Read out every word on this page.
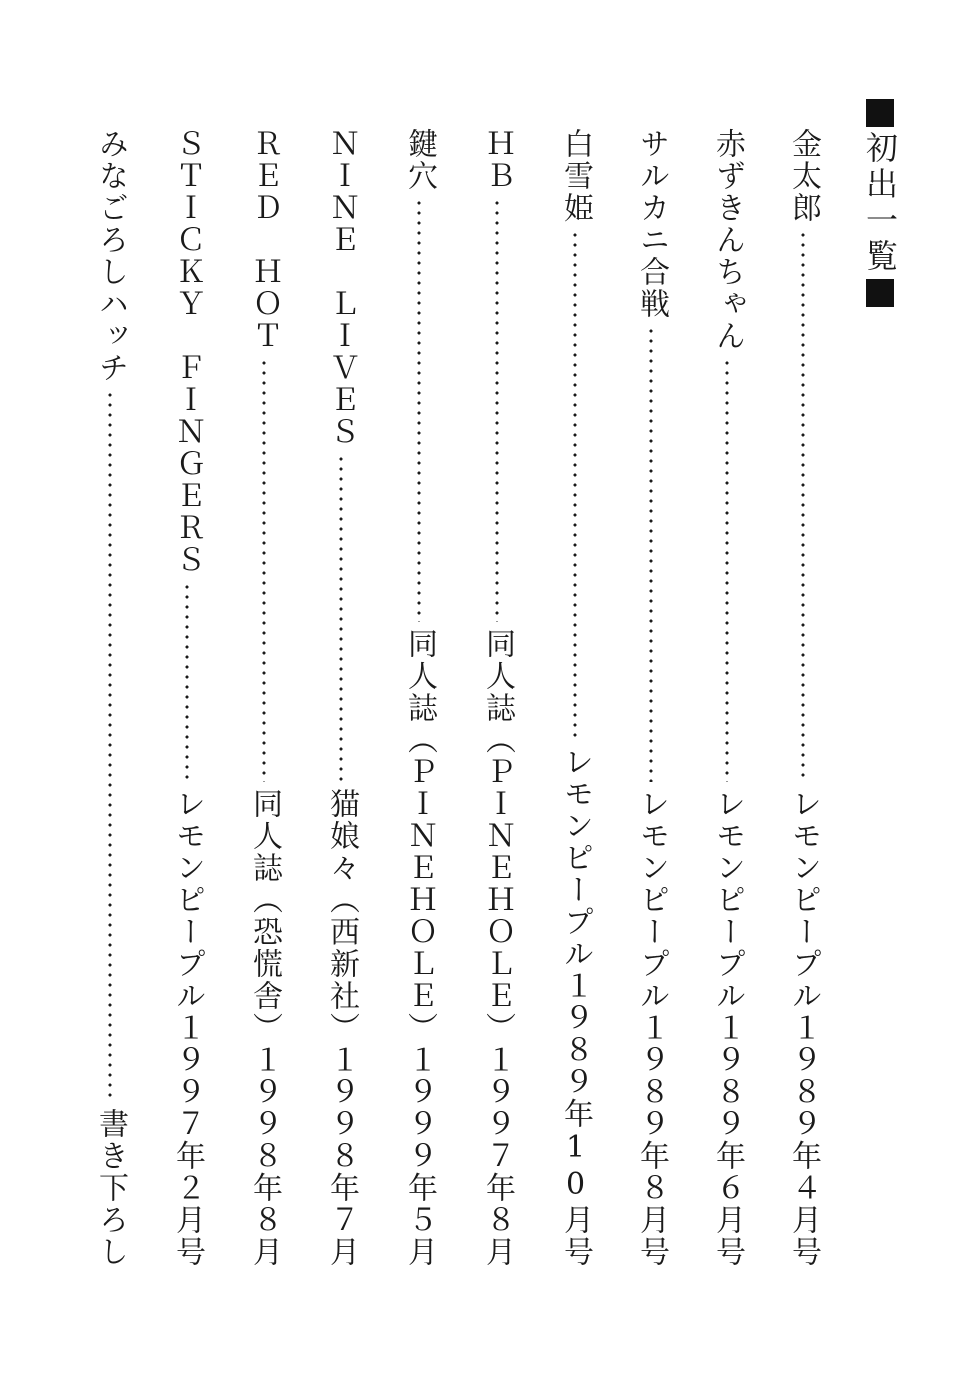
初出一覧
金太郎
レモンピープル１９８９年４月号
赤ずきんちゃん
レモンピープル１９８９年６月号
サルカニ合戦
レモンピープル１９８９年８月号
白雪姫
レモンピープル１９８９年10月号
ＨＢ
同人誌（ＰＩＮＥＨＯＬＥ）１９９７年８月
鍵穴
同人誌（ＰＩＮＥＨＯＬＥ）１９９９年５月
ＮＩＮＥ　ＬＩＶＥＳ
猫娘々（西新社）１９９８年７月
ＲＥＤ　ＨＯＴ
同人誌（恐慌舎）１９９８年８月
ＳＴＩＣＫＹ　ＦＩＮＧＥＲＳ
レモンピープル１９９７年２月号
みなごろしハッチ
書き下ろし
